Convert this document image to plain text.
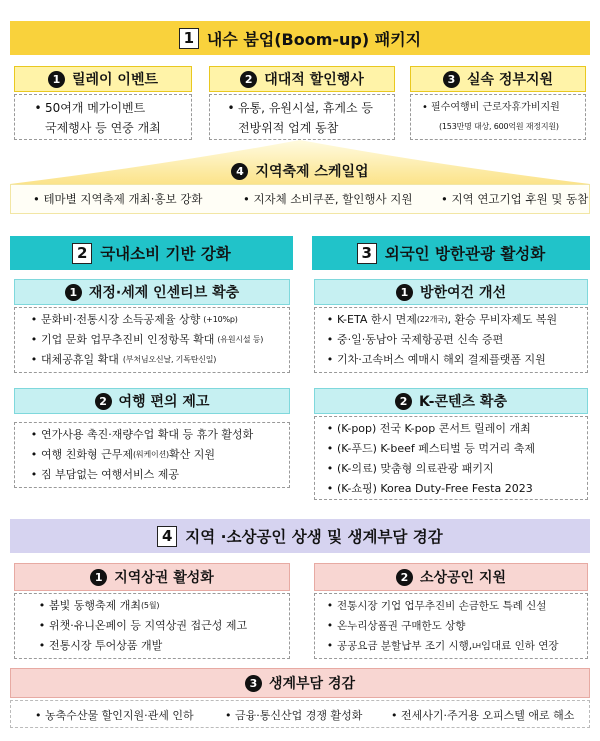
1 내수 붐업(Boom-up) 패키지
1 릴레이 이벤트
• 50여개 메가이벤트
국제행사 등 연중 개최
2 대대적 할인행사
• 유통, 유원시설, 휴게소 등
전방위적 업계 동참
3 실속 정부지원
• 필수여행비 근로자휴가비지원
(153만명 대상, 600억원 재정지원)
4 지역축제 스케일업
• 테마별 지역축제 개최·홍보 강화	• 지자체 소비쿠폰, 할인행사 지원 • 지역 연고기업 후원 및 동참
2 국내소비 기반 강화
1 재정·세제 인센티브 확충
• 문화비·전통시장 소득공제율 상향 (+10%p)
• 기업 문화 업무추진비 인정항목 확대 (유원시설 등)
• 대체공휴일 확대 (부처님오신날, 기독탄신일)
2 여행 편의 제고
• 연가사용 촉진·재량수업 확대 등 휴가 활성화
• 여행 친화형 근무제 (워케이션) 확산 지원
• 짐 부담없는 여행서비스 제공
3 외국인 방한관광 활성화
1 방한여건 개선
• K-ETA 한시 면제 (22개국) , 환승 무비자제도 복원
• 중·일·동남아 국제항공편 신속 증편
• 기차·고속버스 예매시 해외 결제플랫폼 지원
2 K-콘텐츠 확충
• (K-pop) 전국 K-pop 콘서트 릴레이 개최
• (K-푸드) K-beef 페스티벌 등 먹거리 축제
• (K-의료) 맞춤형 의료관광 패키지
• (K-쇼핑) Korea Duty-Free Festa 2023
4 지역 ·소상공인 상생 및 생계부담 경감
1 지역상권 활성화
• 봄빛 동행축제 개최 (5월)
• 위챗·유니온페이 등 지역상권 접근성 제고
• 전통시장 투어상품 개발
2 소상공인 지원
• 전통시장 기업 업무추진비 손금한도 특례 신설
• 온누리상품권 구매한도 상향
• 공공요금 분할납부 조기 시행, LH 임대료 인하 연장
3 생계부담 경감
• 농축수산물 할인지원·관세 인하	• 금융·통신산업 경쟁 활성화	• 전세사기·주거용 오피스텔 애로 해소
